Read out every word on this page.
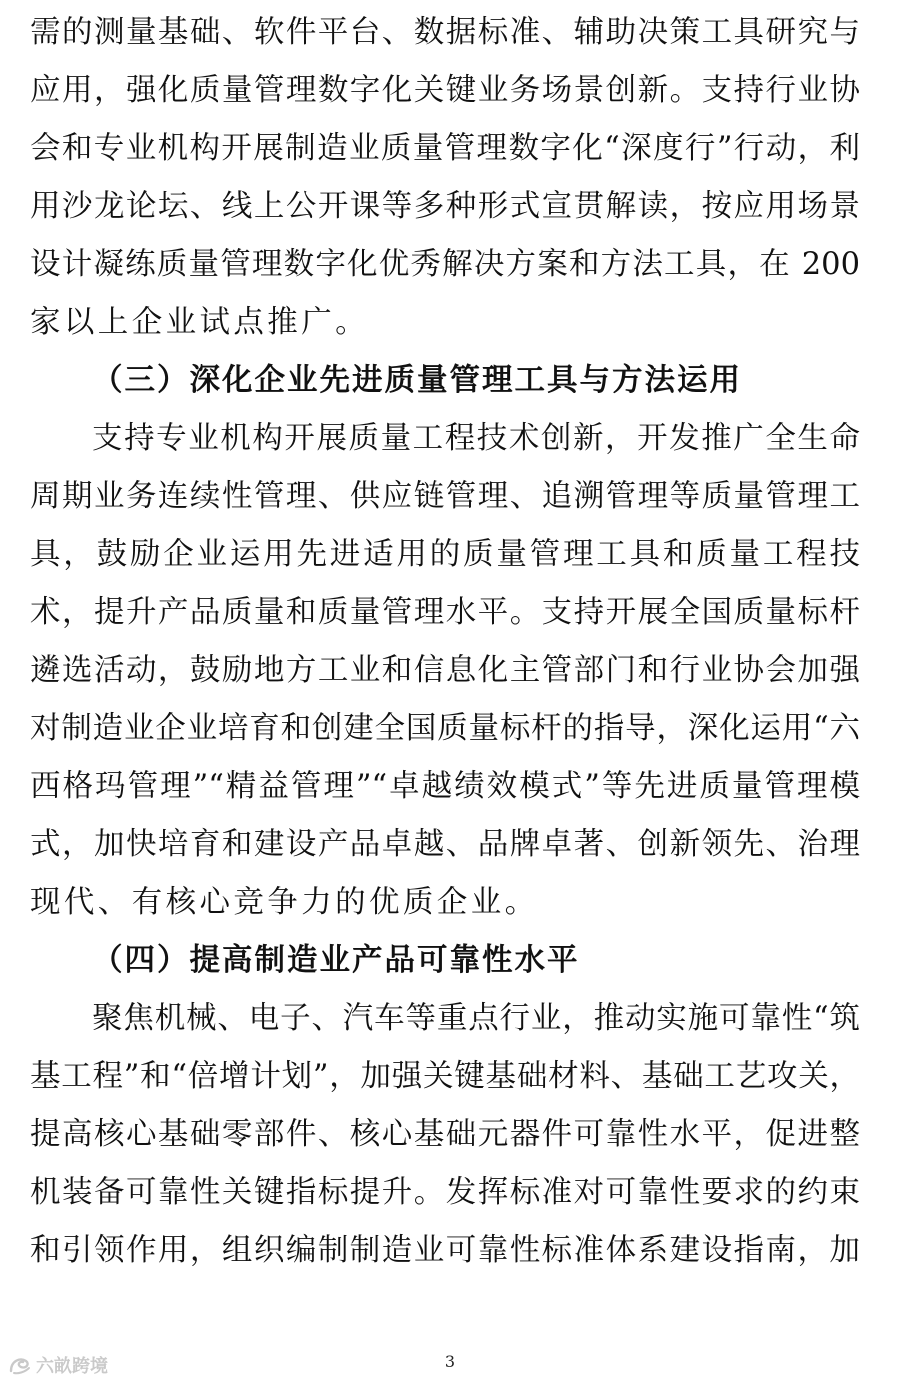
需的测量基础、软件平台、数据标准、辅助决策工具研究与
应用，强化质量管理数字化关键业务场景创新。支持行业协
会和专业机构开展制造业质量管理数字化“深度行”行动，利
用沙龙论坛、线上公开课等多种形式宣贯解读，按应用场景
设计凝练质量管理数字化优秀解决方案和方法工具，在 200
家以上企业试点推广。
（三）深化企业先进质量管理工具与方法运用
支持专业机构开展质量工程技术创新，开发推广全生命
周期业务连续性管理、供应链管理、追溯管理等质量管理工
具，鼓励企业运用先进适用的质量管理工具和质量工程技
术，提升产品质量和质量管理水平。支持开展全国质量标杆
遴选活动，鼓励地方工业和信息化主管部门和行业协会加强
对制造业企业培育和创建全国质量标杆的指导，深化运用“六
西格玛管理”“精益管理”“卓越绩效模式”等先进质量管理模
式，加快培育和建设产品卓越、品牌卓著、创新领先、治理
现代、有核心竞争力的优质企业。
（四）提高制造业产品可靠性水平
聚焦机械、电子、汽车等重点行业，推动实施可靠性“筑
基工程”和“倍增计划”，加强关键基础材料、基础工艺攻关，
提高核心基础零部件、核心基础元器件可靠性水平，促进整
机装备可靠性关键指标提升。发挥标准对可靠性要求的约束
和引领作用，组织编制制造业可靠性标准体系建设指南，加
3
六畝跨境
